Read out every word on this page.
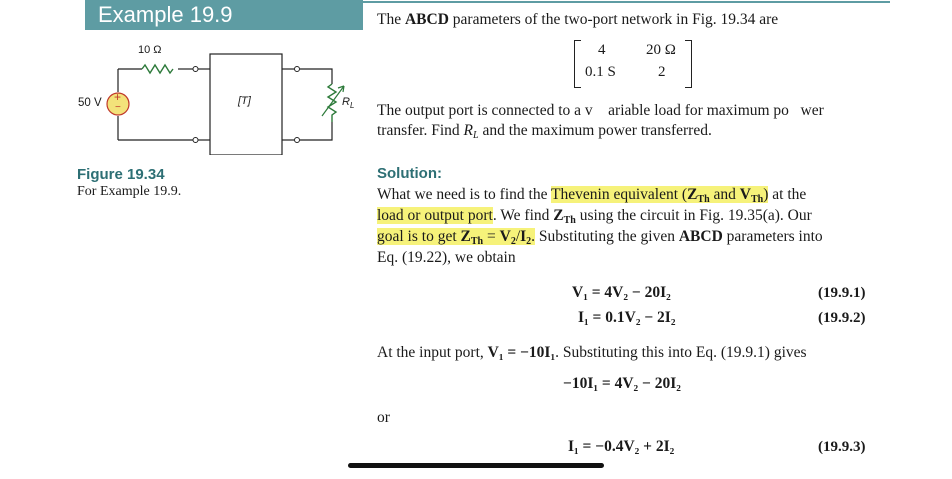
Example 19.9
10 Ω
50 V +
−
[T]	$R_L$
Figure 19.34
For Example 19.9.
The ABCD parameters of the two-port network in Fig. 19.34 are
4	20 Ω
0.1 S	2
The output port is connected to a v    ariable load for maximum po   wer
transfer. Find $R_L$ and the maximum power transferred.
Solution:
What we need is to find the Thevenin equivalent ($Z_{Th}$ and $V_{Th}$) at the
load or output port. We find $Z_{Th}$ using the circuit in Fig. 19.35(a). Our
goal is to get $Z_{Th} = V_2/I_2$. Substituting the given ABCD parameters into
Eq. (19.22), we obtain
V₁ = 4V₂ − 20I₂	(19.9.1)
I₁ = 0.1V₂ − 2I₂	(19.9.2)
At the input port, V₁ = −10I₁. Substituting this into Eq. (19.9.1) gives
−10I₁ = 4V₂ − 20I₂
or
I₁ = −0.4V₂ + 2I₂	(19.9.3)
